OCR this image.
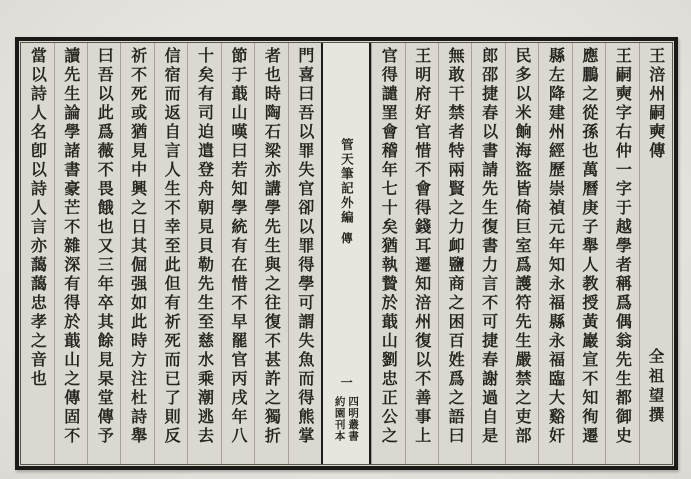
王涪州嗣奭傳
全祖望撰
王嗣奭字右仲一字于越學者稱爲偶翁先生都御史
應鵬之從孫也萬曆庚子舉人教授黃巖宣不知徇遷
縣左降建州經歷崇禎元年知永福縣永福臨大谿奸
民多以米餉海盜皆倚巨室爲護符先生嚴禁之吏部
郎邵捷春以書請先生復書力言不可捷春謝過自是
無敢干禁者特兩賢之力卹鹽商之困百姓爲之語曰
王明府好官惜不會得錢耳遷知涪州復以不善事上
官得譴罣會稽年七十矣猶執贄於蕺山劉忠正公之
管天筆記外編
傳
一
約園刊本 四明叢書
門喜曰吾以罪失官卻以罪得學可謂失魚而得熊掌
者也時陶石梁亦講學先生與之往復不甚許之獨折
節于蕺山嘆曰若知學統有在惜不早罷官丙戌年八
十矣有司迫遣登舟朝見貝勒先生至慈水乘潮逃去
信宿而返自言人生不幸至此但有祈死而已了則反
祈不死或猶見中興之日其倔强如此時方注杜詩舉
曰吾以此爲薇不畏餓也又三年卒其餘見杲堂傳予
讀先生論學諸書豪芒不雜深有得於蕺山之傳固不
當以詩人名卽以詩人言亦藹藹忠孝之音也
